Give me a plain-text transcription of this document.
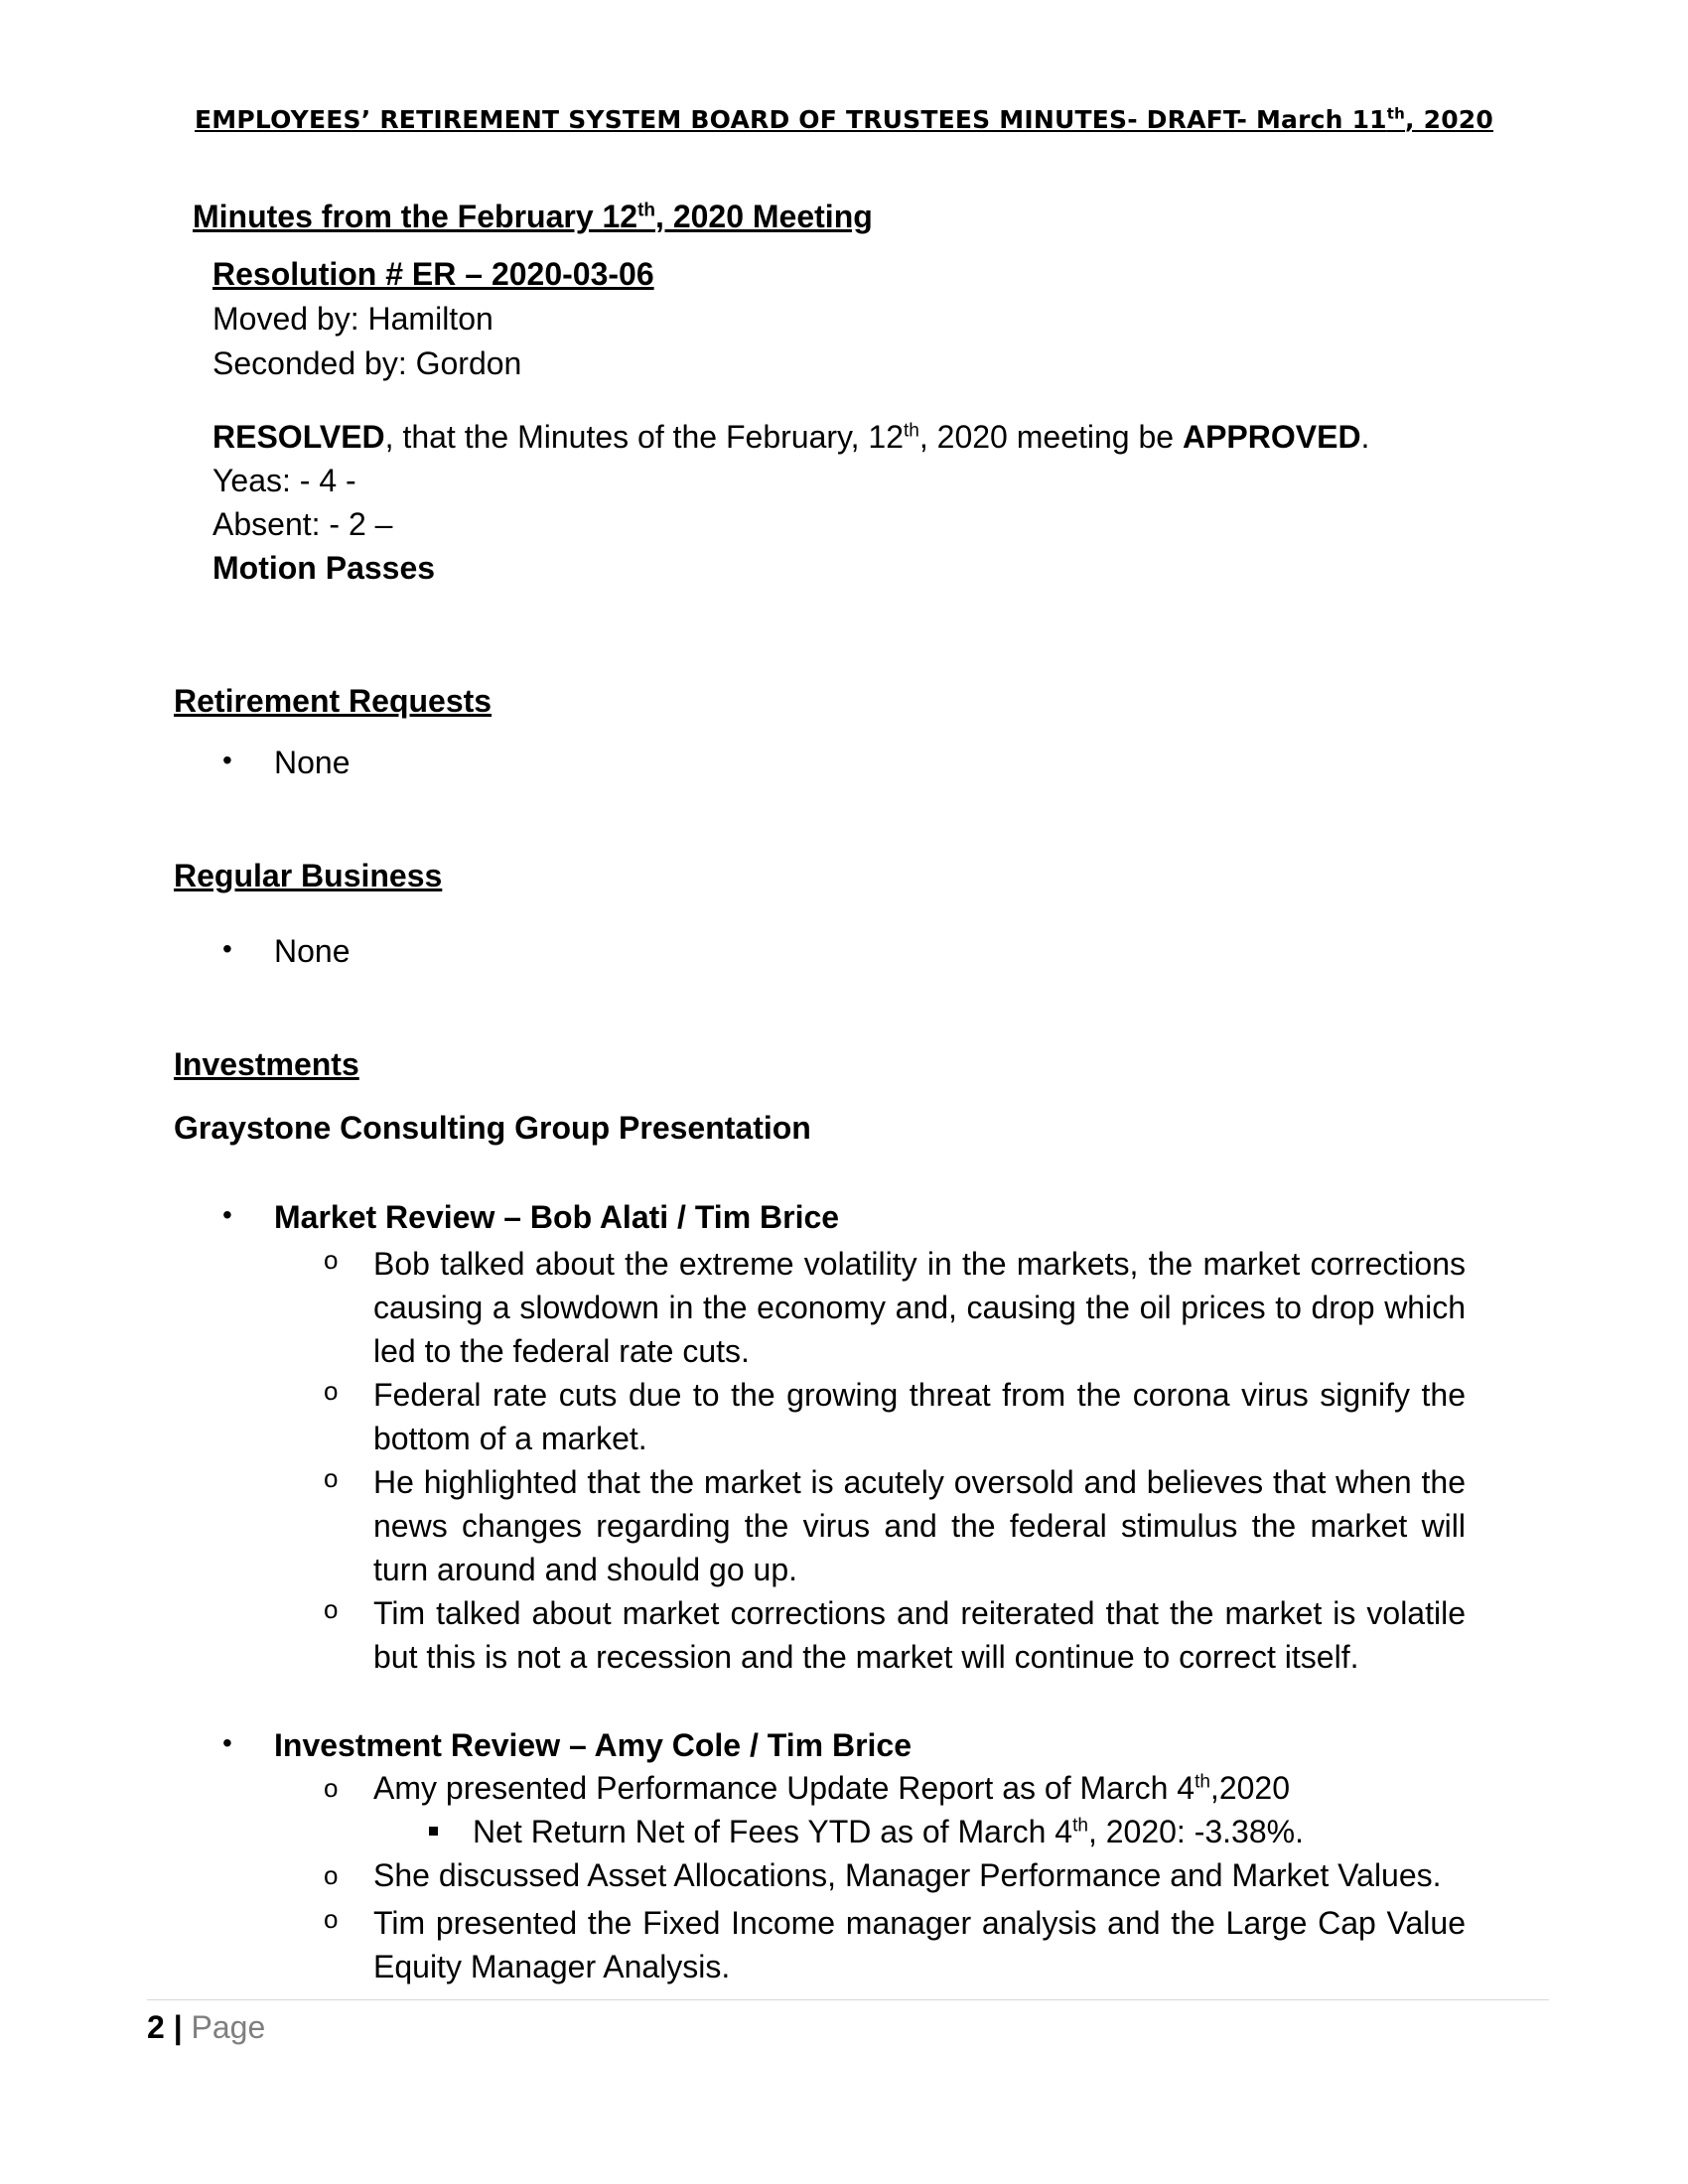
EMPLOYEES’ RETIREMENT SYSTEM BOARD OF TRUSTEES MINUTES- DRAFT- March 11th, 2020
Minutes from the February 12th, 2020 Meeting
Resolution # ER – 2020-03-06
Moved by: Hamilton
Seconded by: Gordon
RESOLVED, that the Minutes of the February, 12th, 2020 meeting be APPROVED.
Yeas: - 4 -
Absent: - 2 –
Motion Passes
Retirement Requests
• None
Regular Business
• None
Investments
Graystone Consulting Group Presentation
• Market Review – Bob Alati / Tim Brice
o Bob talked about the extreme volatility in the markets, the market corrections causing a slowdown in the economy and, causing the oil prices to drop which led to the federal rate cuts.
o Federal rate cuts due to the growing threat from the corona virus signify the bottom of a market.
o He highlighted that the market is acutely oversold and believes that when the news changes regarding the virus and the federal stimulus the market will turn around and should go up.
o Tim talked about market corrections and reiterated that the market is volatile but this is not a recession and the market will continue to correct itself.
• Investment Review – Amy Cole / Tim Brice
o Amy presented Performance Update Report as of March 4th,2020
Net Return Net of Fees YTD as of March 4th, 2020: -3.38%.
o She discussed Asset Allocations, Manager Performance and Market Values.
o Tim presented the Fixed Income manager analysis and the Large Cap Value Equity Manager Analysis.
2 | Page
